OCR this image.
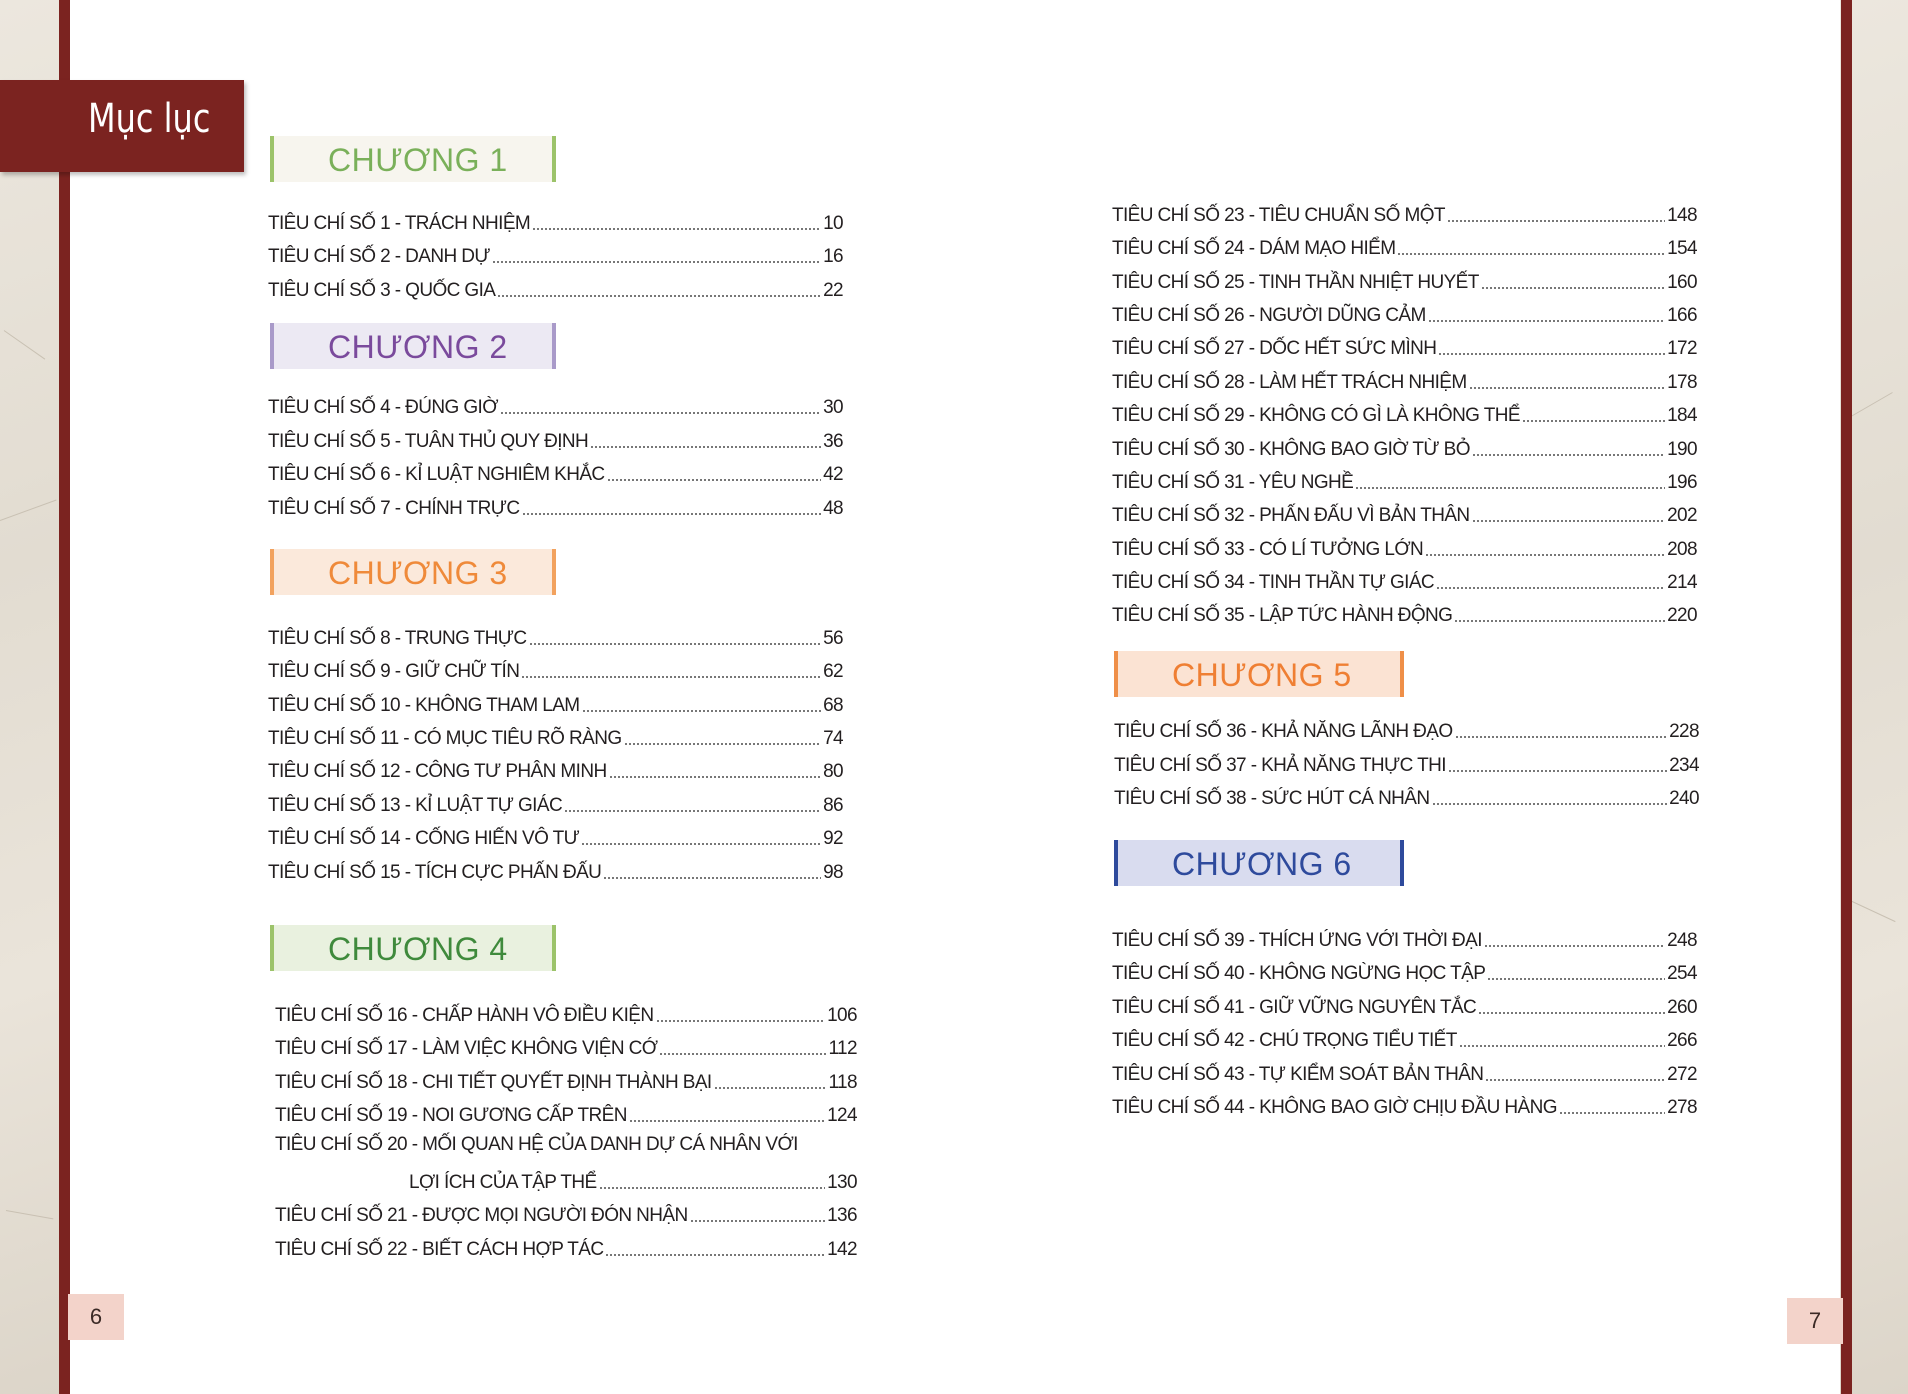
Mục lục
6	7
CHƯƠNG 1
CHƯƠNG 2
CHƯƠNG 3
CHƯƠNG 4
CHƯƠNG 5
CHƯƠNG 6
TIÊU CHÍ SỐ 1 - TRÁCH NHIỆM	10
TIÊU CHÍ SỐ 2 - DANH DỰ	16
TIÊU CHÍ SỐ 3 - QUỐC GIA	22
TIÊU CHÍ SỐ 4 - ĐÚNG GIỜ	30
TIÊU CHÍ SỐ 5 - TUÂN THỦ QUY ĐỊNH	36
TIÊU CHÍ SỐ 6 - KỈ LUẬT NGHIÊM KHẮC	42
TIÊU CHÍ SỐ 7 - CHÍNH TRỰC	48
TIÊU CHÍ SỐ 8 - TRUNG THỰC	56
TIÊU CHÍ SỐ 9 - GIỮ CHỮ TÍN	62
TIÊU CHÍ SỐ 10 - KHÔNG THAM LAM	68
TIÊU CHÍ SỐ 11 - CÓ MỤC TIÊU RÕ RÀNG	74
TIÊU CHÍ SỐ 12 - CÔNG TƯ PHÂN MINH	80
TIÊU CHÍ SỐ 13 - KỈ LUẬT TỰ GIÁC	86
TIÊU CHÍ SỐ 14 - CỐNG HIẾN VÔ TƯ	92
TIÊU CHÍ SỐ 15 - TÍCH CỰC PHẤN ĐẤU	98
TIÊU CHÍ SỐ 16 - CHẤP HÀNH VÔ ĐIỀU KIỆN	106
TIÊU CHÍ SỐ 17 - LÀM VIỆC KHÔNG VIỆN CỚ	112
TIÊU CHÍ SỐ 18 - CHI TIẾT QUYẾT ĐỊNH THÀNH BẠI	118
TIÊU CHÍ SỐ 19 - NOI GƯƠNG CẤP TRÊN	124
TIÊU CHÍ SỐ 20 - MỐI QUAN HỆ CỦA DANH DỰ CÁ NHÂN VỚI
LỢI ÍCH CỦA TẬP THỂ	130
TIÊU CHÍ SỐ 21 - ĐƯỢC MỌI NGƯỜI ĐÓN NHẬN	136
TIÊU CHÍ SỐ 22 - BIẾT CÁCH HỢP TÁC	142
TIÊU CHÍ SỐ 23 - TIÊU CHUẨN SỐ MỘT	148
TIÊU CHÍ SỐ 24 - DÁM MẠO HIỂM	154
TIÊU CHÍ SỐ 25 - TINH THẦN NHIỆT HUYẾT	160
TIÊU CHÍ SỐ 26 - NGƯỜI DŨNG CẢM	166
TIÊU CHÍ SỐ 27 - DỐC HẾT SỨC MÌNH	172
TIÊU CHÍ SỐ 28 - LÀM HẾT TRÁCH NHIỆM	178
TIÊU CHÍ SỐ 29 - KHÔNG CÓ GÌ LÀ KHÔNG THỂ	184
TIÊU CHÍ SỐ 30 - KHÔNG BAO GIỜ TỪ BỎ	190
TIÊU CHÍ SỐ 31 - YÊU NGHỀ	196
TIÊU CHÍ SỐ 32 - PHẤN ĐẤU VÌ BẢN THÂN	202
TIÊU CHÍ SỐ 33 - CÓ LÍ TƯỞNG LỚN	208
TIÊU CHÍ SỐ 34 - TINH THẦN TỰ GIÁC	214
TIÊU CHÍ SỐ 35 - LẬP TỨC HÀNH ĐỘNG	220
TIÊU CHÍ SỐ 36 - KHẢ NĂNG LÃNH ĐẠO	228
TIÊU CHÍ SỐ 37 - KHẢ NĂNG THỰC THI	234
TIÊU CHÍ SỐ 38 - SỨC HÚT CÁ NHÂN	240
TIÊU CHÍ SỐ 39 - THÍCH ỨNG VỚI THỜI ĐẠI	248
TIÊU CHÍ SỐ 40 - KHÔNG NGỪNG HỌC TẬP	254
TIÊU CHÍ SỐ 41 - GIỮ VỮNG NGUYÊN TẮC	260
TIÊU CHÍ SỐ 42 - CHÚ TRỌNG TIỂU TIẾT	266
TIÊU CHÍ SỐ 43 - TỰ KIỂM SOÁT BẢN THÂN	272
TIÊU CHÍ SỐ 44 - KHÔNG BAO GIỜ CHỊU ĐẦU HÀNG	278
